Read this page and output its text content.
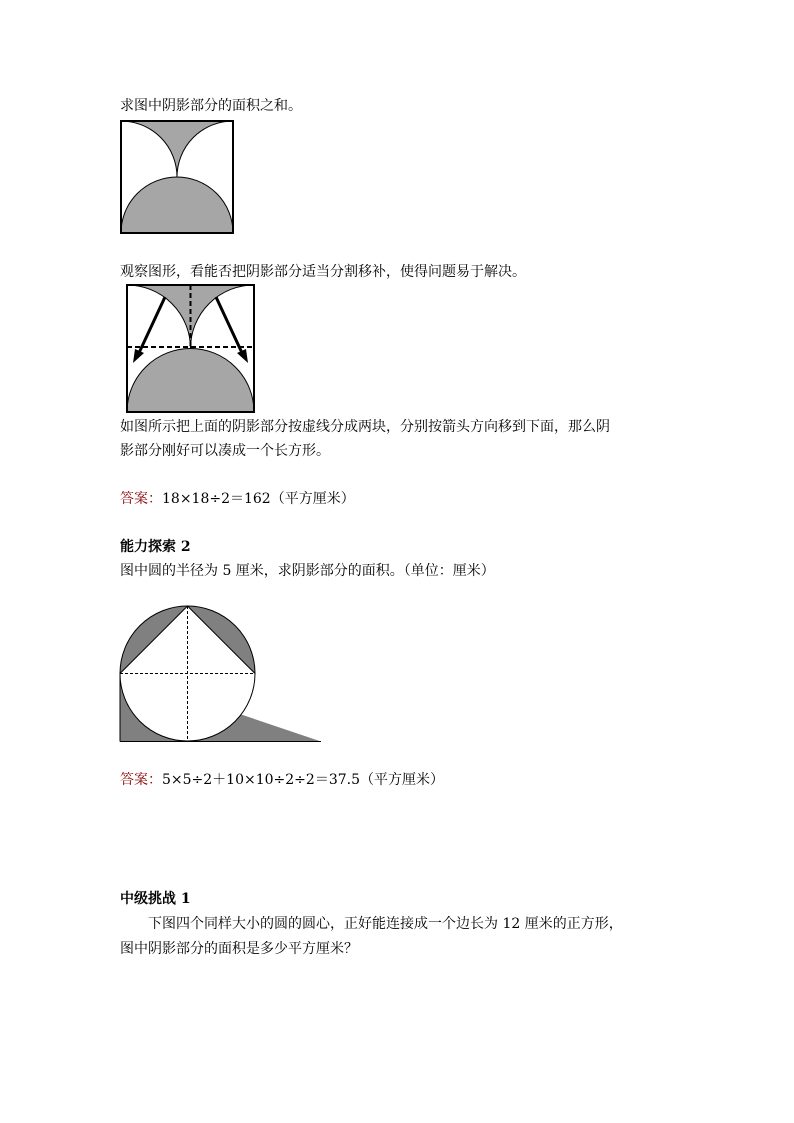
求图中阴影部分的面积之和。
观察图形，看能否把阴影部分适当分割移补，使得问题易于解决。
如图所示把上面的阴影部分按虚线分成两块，分别按箭头方向移到下面，那么阴
影部分刚好可以凑成一个长方形。
答案：18×18÷2＝162（平方厘米）
能力探索 2
图中圆的半径为 5 厘米，求阴影部分的面积。（单位：厘米）
答案：5×5÷2＋10×10÷2÷2＝37.5（平方厘米）
中级挑战 1
下图四个同样大小的圆的圆心，正好能连接成一个边长为 12 厘米的正方形，
图中阴影部分的面积是多少平方厘米？
